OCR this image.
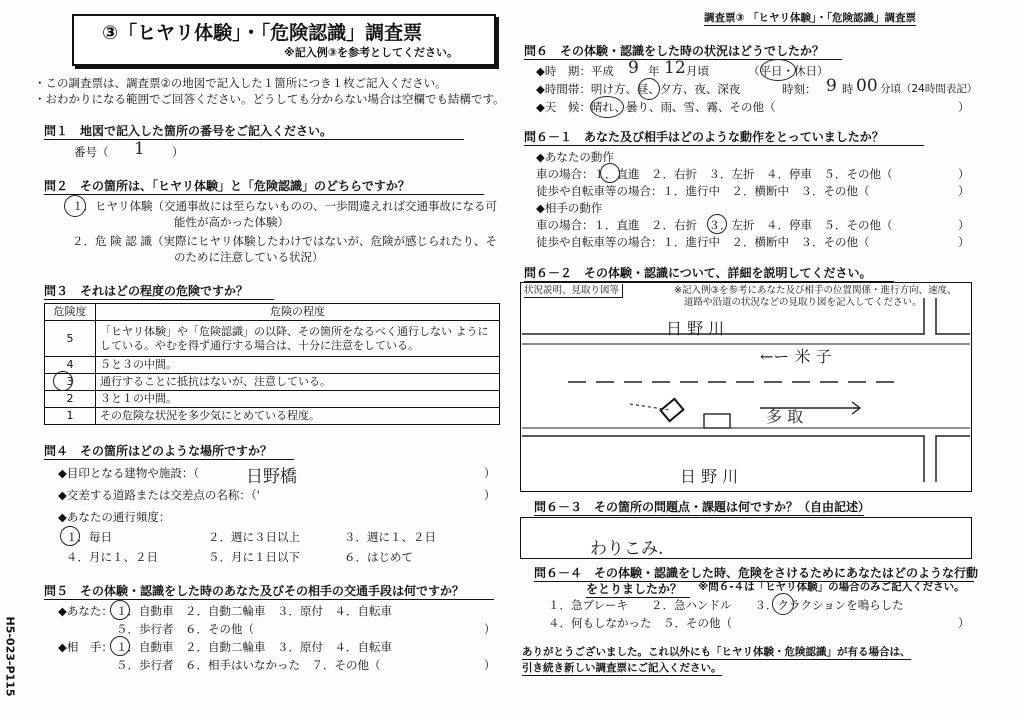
③「ヒヤリ体験」・「危険認識」調査票
※記入例③を参考としてください。
H5-023-P115
調査票③ 「ヒヤリ体験」・「危険認識」調査票
・この調査票は、調査票②の地図で記入した１箇所につき１枚ご記入ください。
・おわかりになる範囲でご回答ください。どうしても分からない場合は空欄でも結構です。
問１　地図で記入した箇所の番号をご記入ください。
番号（ 1 ）
問２　その箇所は、「ヒヤリ体験」と「危険認識」のどちらですか？
１．ヒヤリ体験（交通事故には至らないものの、一歩間違えれば交通事故になる可
能性が高かった体験）
２．危 険 認 識（実際にヒヤリ体験したわけではないが、危険が感じられたり、そ
のために注意している状況）
問３　それはどの程度の危険ですか？
危険度	危険の程度
5	「ヒヤリ体験」や「危険認識」の以降、その箇所をなるべく通行しない ようにしている。やむを得ず通行する場合は、十分に注意をしている。
4	５と３の中間。
3	通行することに抵抗はないが、注意している。
2	３と１の中間。
1	その危険な状況を多少気にとめている程度。
問４　その箇所はどのような場所ですか？
◆目印となる建物や施設：（	日野橋	）
◆交差する道路または交差点の名称：（'	）
◆あなたの通行頻度：
１．毎日	２．週に３日以上	３．週に１、２日
４．月に１、２日	５．月に１日以下	６．はじめて
問５　その体験・認識をした時のあなた及びその相手の交通手段は何ですか？
◆あなた： １．自動車　２．自動二輪車　３．原付　４．自転車
５．歩行者　６．その他（	）
◆相　手： １．自動車　２．自動二輪車　３．原付　４．自転車
５．歩行者　６．相手はいなかった　７．その他（	）
問６　その体験・認識をした時の状況はどうでしたか？
◆時　期：平成 9 年 12 月頃	（平日・休日）
◆時間帯：明け方、昼、夕方、夜、深夜	時刻： 9 時 00 分頃（24時間表記）
◆天　候：晴れ、曇り、雨、雪、霧、その他（	）
問６－１　あなた及び相手はどのような動作をとっていましたか？
◆あなたの動作
車の場合：１．直進　２．右折　３．左折　４．停車　５．その他（	）
徒歩や自転車等の場合：１．進行中　２．横断中　３．その他（	）
◆相手の動作
車の場合：１．直進　２．右折　３．左折　４．停車　５．その他（	）
徒歩や自転車等の場合：１．進行中　２．横断中　３．その他（	）
問６－２　その体験・認識について、詳細を説明してください。
状況説明、見取り図等	※記入例③を参考にあなた及び相手の位置関係・進行方向、速度、
道路や沿道の状況などの見取り図を記入してください。
日 野 川
←ー 米 子
多 取
日 野 川
問６－３　その箇所の問題点・課題は何ですか？（自由記述）
わりこみ.
問６－４　その体験・認識をした時、危険をさけるためにあなたはどのような行動
をとりましたか？	※問６-４は「ヒヤリ体験」の場合のみご記入ください。
１．急ブレーキ　　２．急ハンドル　　３．クラクションを鳴らした
４．何もしなかった　５．その他（	）
ありがとうございました。これ以外にも「ヒヤリ体験・危険認識」が有る場合は、
引き続き新しい調査票にご記入ください。
